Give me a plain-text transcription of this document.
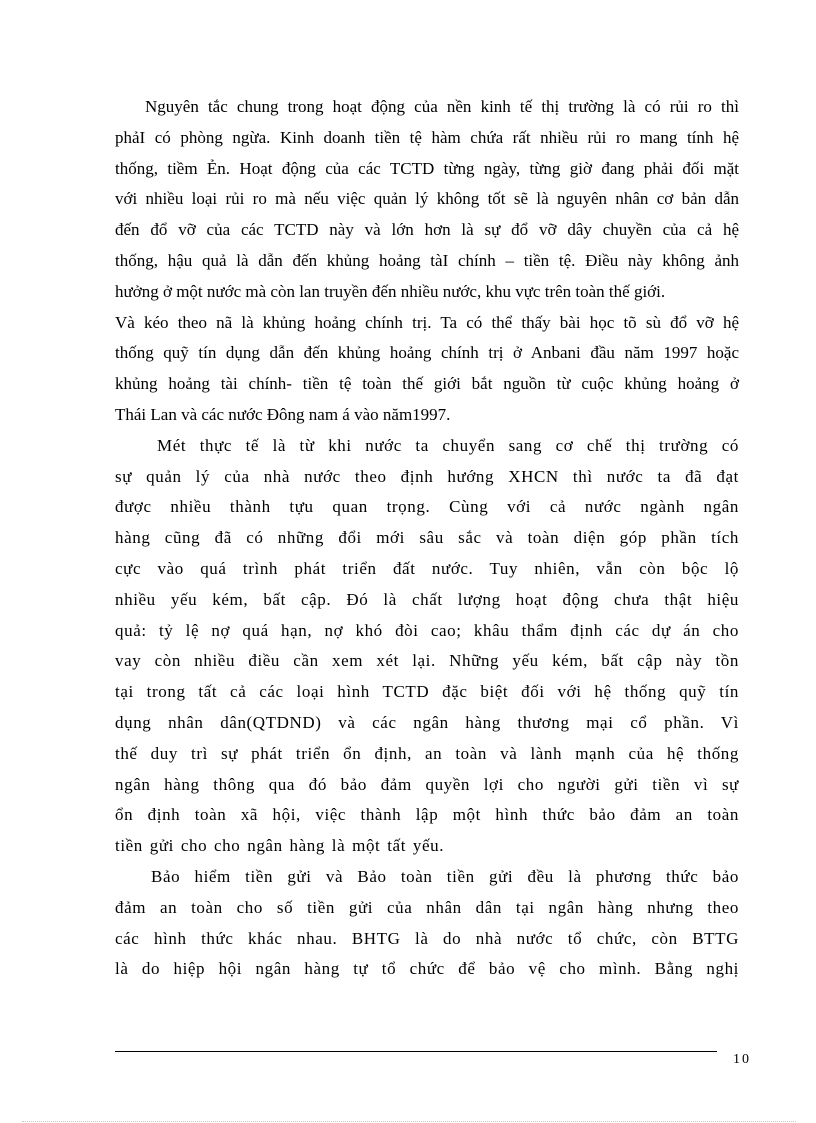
Nguyên tắc chung trong hoạt động của nền kinh tế thị trường là có rủi ro thì
phảI có phòng ngừa. Kinh doanh tiền tệ hàm chứa rất nhiều rủi ro mang tính hệ
thống, tiềm Ẻn. Hoạt động của các TCTD từng ngày, từng giờ đang phải đối mặt
với nhiều loại rủi ro mà nếu việc quản lý không tốt sẽ là nguyên nhân cơ bản dẫn
đến đổ vỡ của các TCTD này và lớn hơn là sự đổ vỡ dây chuyền của cả hệ
thống, hậu quả là dẫn đến khủng hoảng tàI chính – tiền tệ. Điều này không ảnh
hưởng ở một nước mà còn lan truyền đến nhiều nước, khu vực trên toàn thế giới.
Và kéo theo nã là khủng hoảng chính trị. Ta có thể thấy bài học tõ sù đổ vỡ hệ
thống quỹ tín dụng dẫn đến khủng hoảng chính trị ở Anbani đầu năm 1997 hoặc
khủng hoảng tài chính- tiền tệ toàn thế giới bắt nguồn từ cuộc khủng hoảng ở
Thái Lan và các nước Đông nam á vào năm1997.

Mét thực tế là từ khi nước ta chuyển sang cơ chế thị trường có
sự quản lý của nhà nước theo định hướng XHCN thì nước ta đã đạt
được nhiều thành tựu quan trọng. Cùng với cả nước ngành ngân
hàng cũng đã có những đổi mới sâu sắc và toàn diện góp phần tích
cực vào quá trình phát triển đất nước. Tuy nhiên, vẫn còn bộc lộ
nhiều yếu kém, bất cập. Đó là chất lượng hoạt động chưa thật hiệu
quả: tỷ lệ nợ quá hạn, nợ khó đòi cao; khâu thẩm định các dự án cho
vay còn nhiều điều cần xem xét lại. Những yếu kém, bất cập này tồn
tại trong tất cả các loại hình TCTD đặc biệt đối với hệ thống quỹ tín
dụng nhân dân(QTDND) và các ngân hàng thương mại cổ phần. Vì
thế duy trì sự phát triển ổn định, an toàn và lành mạnh của hệ thống
ngân hàng thông qua đó bảo đảm quyền lợi cho người gửi tiền vì sự
ổn định toàn xã hội, việc thành lập một hình thức bảo đảm an toàn
tiền gửi cho cho ngân hàng là một tất yếu.

Bảo hiểm tiền gửi và Bảo toàn tiền gửi đều là phương thức bảo
đảm an toàn cho số tiền gửi của nhân dân tại ngân hàng nhưng theo
các hình thức khác nhau. BHTG là do nhà nước tổ chức, còn BTTG
là do hiệp hội ngân hàng tự tổ chức để bảo vệ cho mình. Bằng nghị

10
